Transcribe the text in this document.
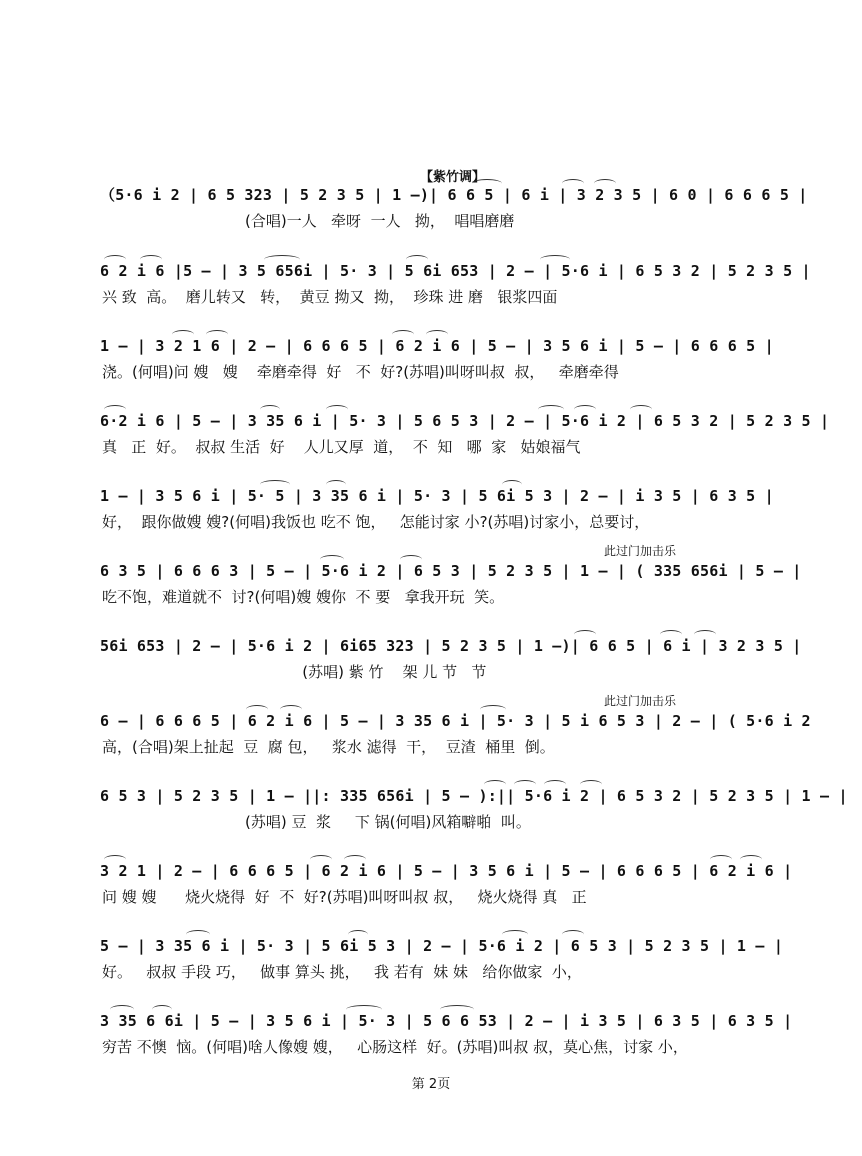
【紫竹调】
（5·6 i 2 | 6 5 323 | 5 2 3 5 | 1 –)| 6 6 5 | 6 i | 3 2 3 5 | 6 0 | 6 6 6 5 |
(合唱)一人   牵呀  一人   拗，  唱唱磨磨
6 2 i 6 |5 – | 3 5 656i | 5· 3 | 5 6i 653 | 2 – | 5·6 i | 6 5 3 2 | 5 2 3 5 |
兴 致  高。  磨儿转又   转，  黄豆 拗又  拗，  珍珠 进 磨   银浆四面
1 – | 3 2 1 6 | 2 – | 6 6 6 5 | 6 2 i 6 | 5 – | 3 5 6 i | 5 – | 6 6 6 5 |
浇。(何唱)问 嫂   嫂    牵磨牵得  好   不  好?(苏唱)叫呀叫叔  叔，   牵磨牵得
6·2 i 6 | 5 – | 3 35 6 i | 5· 3 | 5 6 5 3 | 2 – | 5·6 i 2 | 6 5 3 2 | 5 2 3 5 |
真   正  好。  叔叔 生活  好    人儿又厚  道，  不  知   哪  家   姑娘福气
1 – | 3 5 6 i | 5· 5 | 3 35 6 i | 5· 3 | 5 6i 5 3 | 2 – | i 3 5 | 6 3 5 |
好，  跟你做嫂 嫂?(何唱)我饭也 吃不 饱，   怎能讨家 小?(苏唱)讨家小，总要讨，
此过门加击乐
6 3 5 | 6 6 6 3 | 5 – | 5·6 i 2 | 6 5 3 | 5 2 3 5 | 1 – | ( 335 656i | 5 – |
吃不饱，难道就不  讨?(何唱)嫂 嫂你  不 要   拿我开玩  笑。
56i 653 | 2 – | 5·6 i 2 | 6i65 323 | 5 2 3 5 | 1 –)| 6 6 5 | 6 i | 3 2 3 5 |
(苏唱) 紫 竹    架 儿 节   节
此过门加击乐
6 – | 6 6 6 5 | 6 2 i 6 | 5 – | 3 35 6 i | 5· 3 | 5 i 6 5 3 | 2 – | ( 5·6 i 2
高，(合唱)架上扯起  豆  腐 包，   浆水 滤得  干，  豆渣  桶里  倒。
6 5 3 | 5 2 3 5 | 1 – ||: 335 656i | 5 – ):|| 5·6 i 2 | 6 5 3 2 | 5 2 3 5 | 1 – |
(苏唱) 豆  浆     下 锅(何唱)风箱噼啪  叫。
3 2 1 | 2 – | 6 6 6 5 | 6 2 i 6 | 5 – | 3 5 6 i | 5 – | 6 6 6 5 | 6 2 i 6 |
问 嫂 嫂      烧火烧得  好  不  好?(苏唱)叫呀叫叔 叔，   烧火烧得 真   正
5 – | 3 35 6 i | 5· 3 | 5 6i 5 3 | 2 – | 5·6 i 2 | 6 5 3 | 5 2 3 5 | 1 – |
好。   叔叔 手段 巧，   做事 算头 挑，   我 若有  妹 妹   给你做家  小，
3 35 6 6i | 5 – | 3 5 6 i | 5· 3 | 5 6 6 53 | 2 – | i 3 5 | 6 3 5 | 6 3 5 |
穷苦 不懊  恼。(何唱)啥人像嫂 嫂，   心肠这样  好。(苏唱)叫叔 叔，莫心焦，讨家 小，
第 2页
